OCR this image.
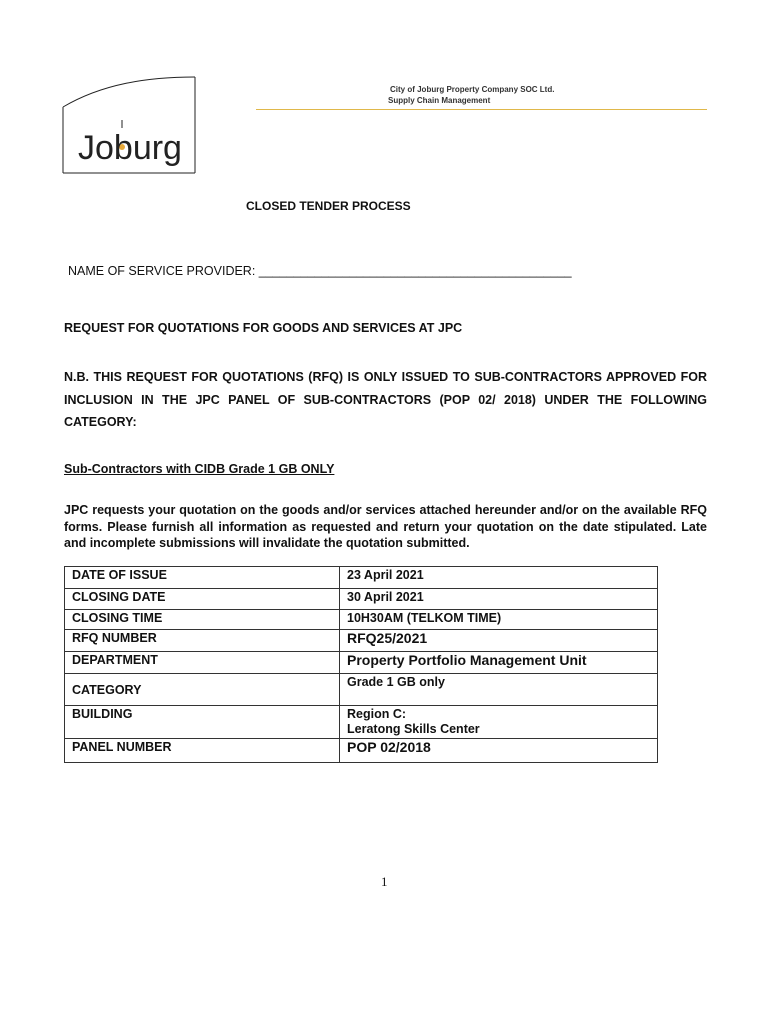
Joburg
City of Joburg Property Company SOC Ltd.
Supply Chain Management
CLOSED TENDER PROCESS
NAME OF SERVICE PROVIDER: _____________________________________________
REQUEST FOR QUOTATIONS FOR GOODS AND SERVICES AT JPC
N.B. THIS REQUEST FOR QUOTATIONS (RFQ) IS ONLY ISSUED TO SUB-CONTRACTORS APPROVED FOR INCLUSION IN THE JPC PANEL OF SUB-CONTRACTORS (POP 02/ 2018) UNDER THE FOLLOWING CATEGORY:
Sub-Contractors with CIDB Grade 1 GB ONLY
JPC requests your quotation on the goods and/or services attached hereunder and/or on the available RFQ forms. Please furnish all information as requested and return your quotation on the date stipulated. Late and incomplete submissions will invalidate the quotation submitted.
DATE OF ISSUE	23 April 2021
CLOSING DATE	30 April 2021
CLOSING TIME	10H30AM (TELKOM TIME)
RFQ NUMBER	RFQ25/2021
DEPARTMENT	Property Portfolio Management Unit
CATEGORY	Grade 1 GB only
BUILDING	Region C:
Leratong Skills Center

PANEL NUMBER	POP 02/2018
1
